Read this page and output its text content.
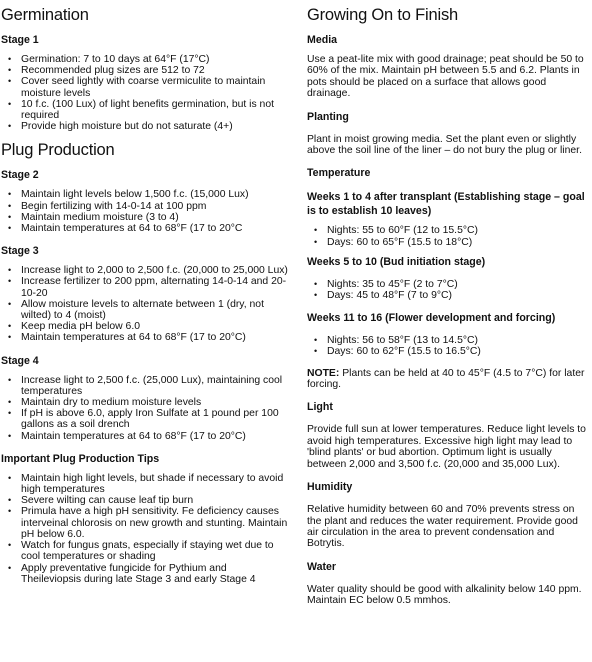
Germination
Stage 1
• Germination: 7 to 10 days at 64°F (17°C)
• Recommended plug sizes are 512 to 72
• Cover seed lightly with coarse vermiculite to maintain moisture levels
• 10 f.c. (100 Lux) of light benefits germination, but is not required
• Provide high moisture but do not saturate (4+)
Plug Production
Stage 2
• Maintain light levels below 1,500 f.c. (15,000 Lux)
• Begin fertilizing with 14-0-14 at 100 ppm
• Maintain medium moisture (3 to 4)
• Maintain temperatures at 64 to 68°F (17 to 20°C
Stage 3
• Increase light to 2,000 to 2,500 f.c. (20,000 to 25,000 Lux)
• Increase fertilizer to 200 ppm, alternating 14-0-14 and 20-10-20
• Allow moisture levels to alternate between 1 (dry, not wilted) to 4 (moist)
• Keep media pH below 6.0
• Maintain temperatures at 64 to 68°F (17 to 20°C)
Stage 4
• Increase light to 2,500 f.c. (25,000 Lux), maintaining cool temperatures
• Maintain dry to medium moisture levels
• If pH is above 6.0, apply Iron Sulfate at 1 pound per 100 gallons as a soil drench
• Maintain temperatures at 64 to 68°F (17 to 20°C)
Important Plug Production Tips
• Maintain high light levels, but shade if necessary to avoid high temperatures
• Severe wilting can cause leaf tip burn
• Primula have a high pH sensitivity. Fe deficiency causes interveinal chlorosis on new growth and stunting. Maintain pH below 6.0.
• Watch for fungus gnats, especially if staying wet due to cool temperatures or shading
• Apply preventative fungicide for Pythium and Theilevіopsis during late Stage 3 and early Stage 4
Growing On to Finish
Media

Use a peat-lite mix with good drainage; peat should be 50 to 60% of the mix. Maintain pH between 5.5 and 6.2. Plants in pots should be placed on a surface that allows good drainage.

Planting

Plant in moist growing media. Set the plant even or slightly above the soil line of the liner – do not bury the plug or liner.

Temperature
Weeks 1 to 4 after transplant (Establishing stage – goal is to establish 10 leaves)
• Nights: 55 to 60°F (12 to 15.5°C)
• Days: 60 to 65°F (15.5 to 18°C)
Weeks 5 to 10 (Bud initiation stage)
• Nights: 35 to 45°F (2 to 7°C)
• Days: 45 to 48°F (7 to 9°C)
Weeks 11 to 16 (Flower development and forcing)
• Nights: 56 to 58°F (13 to 14.5°C)
• Days: 60 to 62°F (15.5 to 16.5°C)

NOTE: Plants can be held at 40 to 45°F (4.5 to 7°C) for later forcing.

Light

Provide full sun at lower temperatures. Reduce light levels to avoid high temperatures. Excessive high light may lead to 'blind plants' or bud abortion. Optimum light is usually between 2,000 and 3,500 f.c. (20,000 and 35,000 Lux).

Humidity

Relative humidity between 60 and 70% prevents stress on the plant and reduces the water requirement. Provide good air circulation in the area to prevent condensation and Botrytis.

Water

Water quality should be good with alkalinity below 140 ppm. Maintain EC below 0.5 mmhos.
